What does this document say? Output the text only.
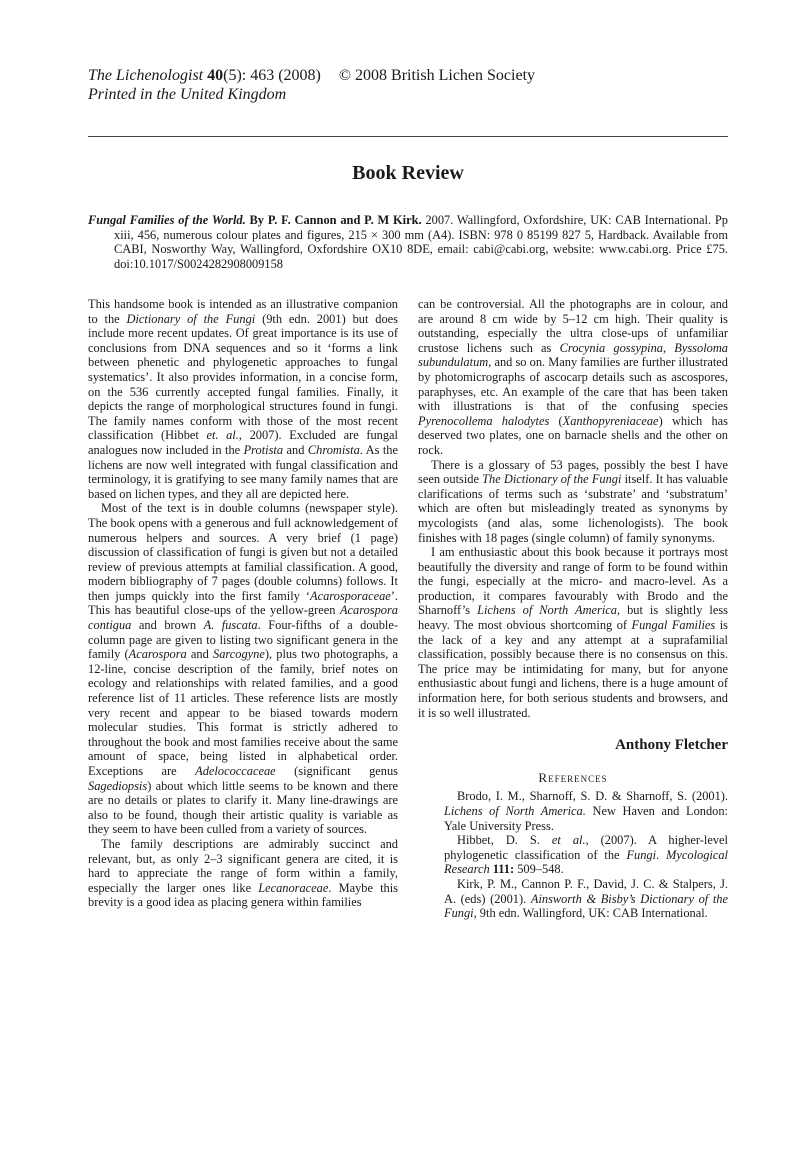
The Lichenologist 40(5): 463 (2008) © 2008 British Lichen Society
Printed in the United Kingdom
Book Review
Fungal Families of the World. By P. F. Cannon and P. M Kirk. 2007. Wallingford, Oxfordshire, UK: CAB International. Pp xiii, 456, numerous colour plates and figures, 215 × 300 mm (A4). ISBN: 978 0 85199 827 5, Hardback. Available from CABI, Nosworthy Way, Wallingford, Oxfordshire OX10 8DE, email: cabi@cabi.org, website: www.cabi.org. Price £75. doi:10.1017/S0024282908009158

This handsome book is intended as an illustrative companion to the Dictionary of the Fungi (9th edn. 2001) but does include more recent updates. Of great importance is its use of conclusions from DNA sequences and so it ‘forms a link between phenetic and phylogenetic approaches to fungal systematics’. It also provides information, in a concise form, on the 536 currently accepted fungal families. Finally, it depicts the range of morphological structures found in fungi. The family names conform with those of the most recent classification (Hibbet et. al., 2007). Excluded are fungal analogues now included in the Protista and Chromista. As the lichens are now well integrated with fungal classification and terminology, it is gratifying to see many family names that are based on lichen types, and they all are depicted here.

Most of the text is in double columns (newspaper style). The book opens with a generous and full acknowledgement of numerous helpers and sources. A very brief (1 page) discussion of classification of fungi is given but not a detailed review of previous attempts at familial classification. A good, modern bibliography of 7 pages (double columns) follows. It then jumps quickly into the first family ‘Acarosporaceae’. This has beautiful close-ups of the yellow-green Acarospora contigua and brown A. fuscata. Four-fifths of a double-column page are given to listing two significant genera in the family (Acarospora and Sarcogyne), plus two photographs, a 12-line, concise description of the family, brief notes on ecology and relationships with related families, and a good reference list of 11 articles. These reference lists are mostly very recent and appear to be biased towards modern molecular studies. This format is strictly adhered to throughout the book and most families receive about the same amount of space, being listed in alphabetical order. Exceptions are Adelococcaceae (significant genus Sagediopsis) about which little seems to be known and there are no details or plates to clarify it. Many line-drawings are also to be found, though their artistic quality is variable as they seem to have been culled from a variety of sources.

The family descriptions are admirably succinct and relevant, but, as only 2–3 significant genera are cited, it is hard to appreciate the range of form within a family, especially the larger ones like Lecanoraceae. Maybe this brevity is a good idea as placing genera within families

can be controversial. All the photographs are in colour, and are around 8 cm wide by 5–12 cm high. Their quality is outstanding, especially the ultra close-ups of unfamiliar crustose lichens such as Crocynia gossypina, Byssoloma subundulatum, and so on. Many families are further illustrated by photomicrographs of ascocarp details such as ascospores, paraphyses, etc. An example of the care that has been taken with illustrations is that of the confusing species Pyrenocollema halodytes (Xanthopyreniaceae) which has deserved two plates, one on barnacle shells and the other on rock.

There is a glossary of 53 pages, possibly the best I have seen outside The Dictionary of the Fungi itself. It has valuable clarifications of terms such as ‘substrate’ and ‘substratum’ which are often but misleadingly treated as synonyms by mycologists (and alas, some lichenologists). The book finishes with 18 pages (single column) of family synonyms.

I am enthusiastic about this book because it portrays most beautifully the diversity and range of form to be found within the fungi, especially at the micro- and macro-level. As a production, it compares favourably with Brodo and the Sharnoff’s Lichens of North America, but is slightly less heavy. The most obvious shortcoming of Fungal Families is the lack of a key and any attempt at a suprafamilial classification, possibly because there is no consensus on this. The price may be intimidating for many, but for anyone enthusiastic about fungi and lichens, there is a huge amount of information here, for both serious students and browsers, and it is so well illustrated.

Anthony Fletcher
References

Brodo, I. M., Sharnoff, S. D. & Sharnoff, S. (2001). Lichens of North America. New Haven and London: Yale University Press.

Hibbet, D. S. et al., (2007). A higher-level phylogenetic classification of the Fungi. Mycological Research 111: 509–548.

Kirk, P. M., Cannon P. F., David, J. C. & Stalpers, J. A. (eds) (2001). Ainsworth & Bisby’s Dictionary of the Fungi, 9th edn. Wallingford, UK: CAB International.
